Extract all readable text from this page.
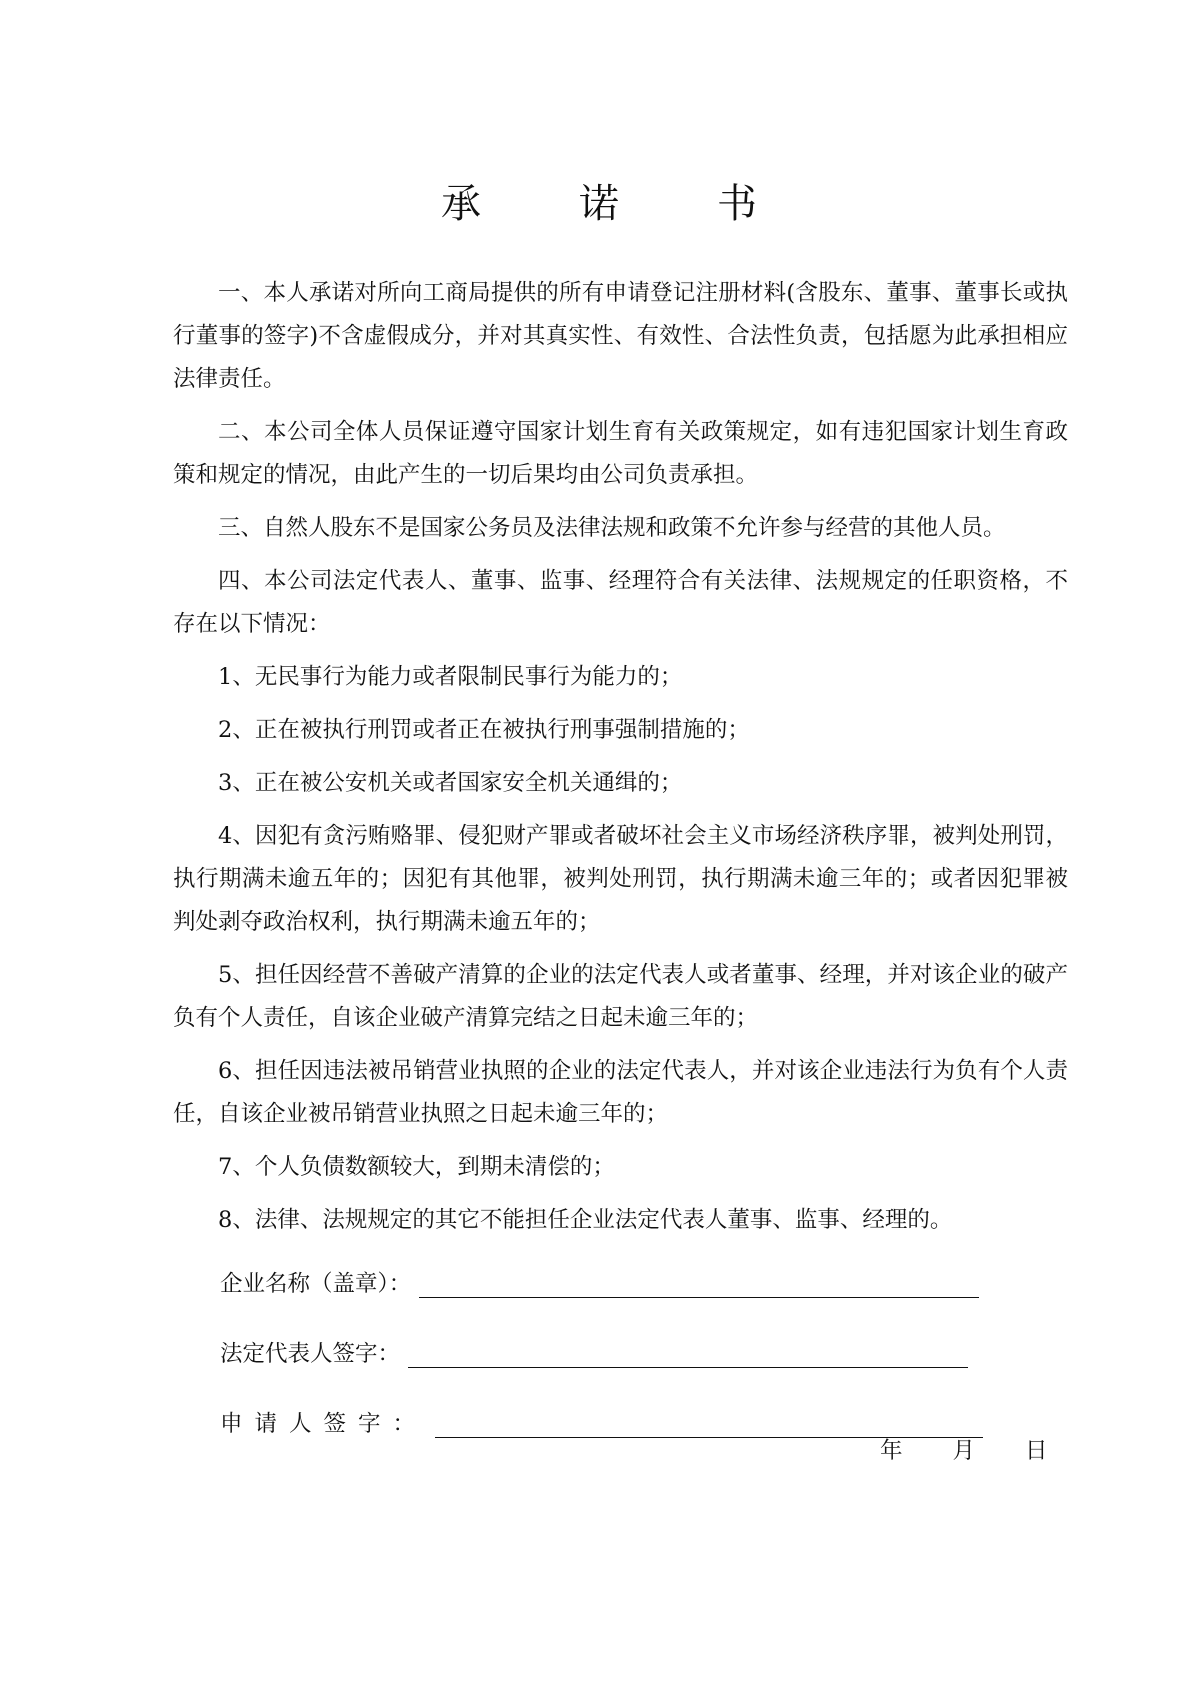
承 诺 书

一、本人承诺对所向工商局提供的所有申请登记注册材料(含股东、董事、董事长或执行董事的签字)不含虚假成分，并对其真实性、有效性、合法性负责，包括愿为此承担相应法律责任。

二、本公司全体人员保证遵守国家计划生育有关政策规定，如有违犯国家计划生育政策和规定的情况，由此产生的一切后果均由公司负责承担。

三、自然人股东不是国家公务员及法律法规和政策不允许参与经营的其他人员。

四、本公司法定代表人、董事、监事、经理符合有关法律、法规规定的任职资格，不存在以下情况：

1、无民事行为能力或者限制民事行为能力的；

2、正在被执行刑罚或者正在被执行刑事强制措施的；

3、正在被公安机关或者国家安全机关通缉的；

4、因犯有贪污贿赂罪、侵犯财产罪或者破坏社会主义市场经济秩序罪，被判处刑罚，执行期满未逾五年的；因犯有其他罪，被判处刑罚，执行期满未逾三年的；或者因犯罪被判处剥夺政治权利，执行期满未逾五年的；

5、担任因经营不善破产清算的企业的法定代表人或者董事、经理，并对该企业的破产负有个人责任，自该企业破产清算完结之日起未逾三年的；

6、担任因违法被吊销营业执照的企业的法定代表人，并对该企业违法行为负有个人责任，自该企业被吊销营业执照之日起未逾三年的；

7、个人负债数额较大，到期未清偿的；

8、法律、法规规定的其它不能担任企业法定代表人董事、监事、经理的。

企业名称（盖章）：
法定代表人签字：
申请人签字：
年 月 日
